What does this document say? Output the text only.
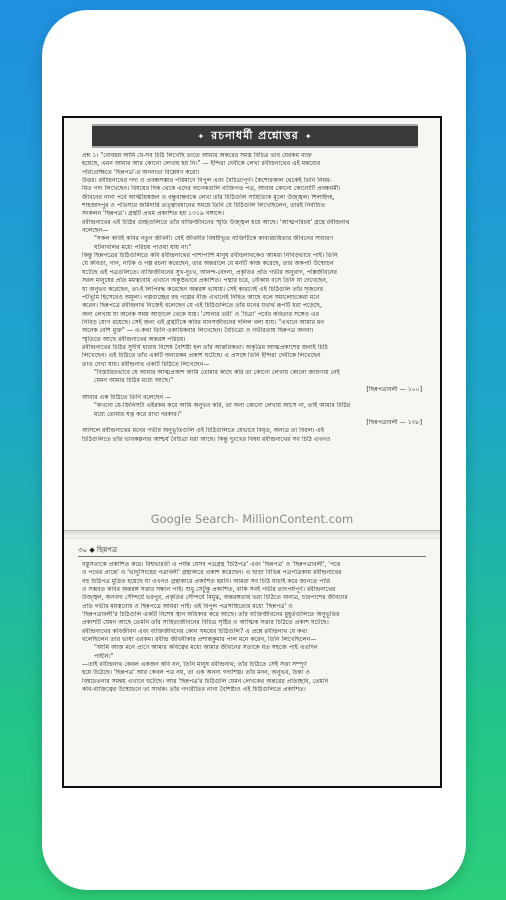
✦ রচনাধর্মী প্রশ্নোত্তর ✦
প্রশ্ন ১। "বোধহয় আমি যে-সব চিঠি লিখেছি তাতে আমার অন্তরের সমস্ত বিচিত্র ভাব যেরকম ব্যক্ত
হয়েছে, এমন আমার আর কোনো লেখায় হয় নি।" — ইন্দিরা দেবীকে লেখা রবীন্দ্রনাথের এই মন্তব্যের
পরিপ্রেক্ষিতে 'ছিন্নপত্র'-র অনন্যতা বিশ্লেষণ করো।
উত্তর। রবীন্দ্রনাথের গদ্য ও প্রবন্ধসম্ভার পরিমাণে বিপুল এবং বৈচিত্র্যপূর্ণ। কৈশোরকাল থেকেই তিনি নিয়ম-
মিত গদ্য লিখেছেন। বিষয়ের দিক থেকে এদের অনেকগুলি ব্যক্তিগত পত্র, আবার কোনো কোনোটি প্রবন্ধধর্মী।
জীবনের নানা পর্বে আত্মীয়স্বজন ও বন্ধুবান্ধবকে লেখা তাঁর চিঠিগুলি সাহিত্যিক মূল্যে উজ্জ্বল। শিলাইদহ,
শাহজাদপুর ও পতিসরে জমিদারি তত্ত্বাবধানের সময়ে তিনি যে চিঠিগুলি লিখেছিলেন, তারই নির্বাচিত
সংকলন 'ছিন্নপত্র'। গ্রন্থটি প্রথম প্রকাশিত হয় ১৩১৯ বঙ্গাব্দে।
রবীন্দ্রনাথের এই চিঠির গুচ্ছগুলিতে তাঁর ব্যক্তিজীবনের স্মৃতি উজ্জ্বল হয়ে আছে। 'আত্মপরিচয়' গ্রন্থে রবীন্দ্রনাথ
বলেছেন—
"সকল কবিই কবির নতুন জীবনী। যেই জীবনীর বিষয়ীভূত ব্যক্তিটিকে কাব্যরচয়িতার জীবনের সাধারণ
ঘটনাবলির মধ্যে পরিচয় পাওয়া যায় না।"
কিন্তু ছিন্নপত্রের চিঠিগুলিতে কবি রবীন্দ্রনাথের পাশাপাশি মানুষ রবীন্দ্রনাথকেও আমরা নিবিড়ভাবে পাই। তিনি
যে কবিতা, গান, নাটক ও গল্প রচনা করেছেন, তার অন্তরালে যে মনটি কাজ করেছে, তার অকপট উন্মোচন
ঘটেছে এই পত্রগুলিতে। ব্যক্তিজীবনের সুখ-দুঃখ, আনন্দ-বেদনা, প্রকৃতির প্রতি গভীর অনুরাগ, পল্লিজীবনের
সরল মানুষের প্রতি মমত্ববোধ এখানে অকুণ্ঠভাবে প্রকাশিত। পদ্মার চরে, নৌকায় বসে তিনি যা দেখেছেন,
যা অনুভব করেছেন, তা-ই লিপিবদ্ধ করেছেন অন্তরঙ্গ ভাষায়। সেই কারণেই এই চিঠিগুলি তাঁর সৃজনের
পটভূমি হিসেবেও অমূল্য। গল্পগুচ্ছের বহু গল্পের বীজ এখানেই নিহিত আছে বলে সমালোচকেরা মনে
করেন। ছিন্নপত্রে রবীন্দ্রনাথ নিজেই বলেছেন যে এই চিঠিগুলিতে তাঁর মনের যথার্থ রূপটি ধরা পড়েছে,
অন্য লেখায় যা অনেক সময় আড়ালে থেকে যায়। 'সোনার তরী' ও 'চিত্রা' পর্বের কবিতার সঙ্গেও এর
নিবিড় যোগ রয়েছে। সেই জন্য এই গ্রন্থটিকে কবির মানসজীবনের দলিল বলা যায়। "এখানে আমার মন
অনেক বেশি মুক্ত" — এ-কথা তিনি একাধিকবার লিখেছেন। বৈচিত্র্যে ও গভীরতায় ছিন্নপত্র অনন্য।
স্মৃতিতে আছে রবীন্দ্রনাথের অন্তরঙ্গ পরিচয়।
রবীন্দ্রনাথের চিঠির সুদীর্ঘ ধারায় বিশেষ বৈশিষ্ট্য হল তাঁর আন্তরিকতা। অকৃত্রিম আত্মপ্রকাশের জন্যই চিঠি
লিখেছেন। এই চিঠিতে তাঁর একটি অন্যরকম প্রকাশ ঘটেছে। এ প্রসঙ্গে তিনি ইন্দিরা দেবীকে লিখেছেন
তাও দেখা যায়। রবীন্দ্রনাথ একটি চিঠিতে লিখেছেন—
"বিস্তারিতভাবে যে আমার আত্মপ্রকাশ আমি তোমার কাছে করি তা কোনো লেখায় কোনো জায়গায় নেই
যেমন আমার চিঠির মধ্যে আছে।"
[ছিন্নপত্রাবলী — ১০০]
আবার এক চিঠিতে তিনি বলেছেন —
"কখনো যে-জিনিসটা এইরকম করে আমি অনুভব করি, তা অন্য কোনো লেখায় আসে না, তাই আমার চিঠির
মধ্যে তোমার যত্ন করে রাখা দরকার।"
[ছিন্নপত্রাবলী — ১৩৮]
আসলে রবীন্দ্রনাথের মনের গভীর অনুভূতিগুলি এই চিঠিগুলিতে যেভাবে বিধৃত, অন্যত্র তা বিরল। এই
চিঠিগুলিতে তাঁর ভাবকল্পনার আশ্চর্য বৈচিত্র্য ধরা আছে। কিন্তু দুঃখের বিষয় রবীন্দ্রনাথের সব চিঠি এখনও
Google Search- MillionContent.com
৩০ ◆ ছিন্নপত্র
বস্তুসত্যকে প্রকাশিত করে। বিশ্বভারতী এ পর্যন্ত যেসব পত্রগ্রন্থ 'চিঠিপত্র' এবং 'ছিন্নপত্র' ও 'ছিন্নপত্রাবলী', 'পথে
ও পথের প্রান্তে' ও 'ভানুসিংহের পত্রাবলী' গ্রন্থাকারে প্রকাশ করেছেন। এ ছাড়া বিভিন্ন পত্রপত্রিকায় রবীন্দ্রনাথের
বহু চিঠিপত্র মুদ্রিত হয়েছে যা এখনও গ্রন্থাকারে প্রকাশিত হয়নি। আমরা সব চিঠি যাচাই করে জানতে পারি
ও সম্ভবত কবির অন্তরঙ্গ সত্তার সন্ধান পাই। শুধু সেটুকু প্রকাশিত, বাকি সবই গভীর তাৎপর্যপূর্ণ। রবীন্দ্রনাথের
উজ্জ্বল, অনবদ্য সৌন্দর্যে ভরপুর, প্রকৃতির সৌন্দর্যে বিমুগ্ধ, অন্তরঙ্গতায় ভরা চিঠিতে অন্যত্র, চারপাশের জীবনের
প্রতি গভীর মমত্ববোধ ও ছিন্নপত্রে আমরা পাই। এই বিপুল পত্রসাহিত্যের মধ্যে 'ছিন্নপত্র' ও
'ছিন্নপত্রাবলী'র চিঠিগুলি একটি বিশেষ স্থান অধিকার করে আছে। তাঁর ব্যক্তিজীবনের মুহূর্তগুলিতে অনুভূতির
প্রকাশটি যেমন আছে তেমনি তাঁর সাহিত্যজীবনের বিচিত্র সৃষ্টির ও আত্মিক সত্তার চিঠিতে প্রকাশ ঘটেছে।
রবীন্দ্রনাথের কবিজীবন এবং ব্যক্তিজীবনের কোন সময়ের চিঠিগুলি? এ প্রশ্নে রবীন্দ্রনাথ যে কথা
বলেছিলেন তার ভাষা এরকম। রবীন্দ্র জীবনীকার প্রশান্তকুমার পাল মনে করেন, তিনি লিখেছিলেন—
"আমি আজ মনে প্রাণে আমার কবিত্বের মধ্যে আমার জীবনের সত্যকে যত সহজে পাই এতদিন
পাইনি।"
—তাই রবীন্দ্রনাথ কেবল একজন কবি নন, তিনি মানুষ রবীন্দ্রনাথ; তাঁর চিঠিতে সেই সত্তা সম্পূর্ণ
হয়ে উঠেছে। 'ছিন্নপত্র' আর কেবল পত্র নয়, তা এক অনন্য গদ্যশিল্প। তাঁর মনন, অনুভব, চিন্তা ও
বিশ্বচেতনার সমন্বয় এখানে ঘটেছে। আর 'ছিন্নপত্র'র চিঠিগুলি যেমন লেখকের অন্তরের প্রতিচ্ছবি, তেমনি
কবি-ব্যক্তিত্বের উন্মোচনে তা সার্থক। তাঁর গদ্যরীতির নানা বৈশিষ্ট্যও এই চিঠিগুলিতে প্রকাশিত।
